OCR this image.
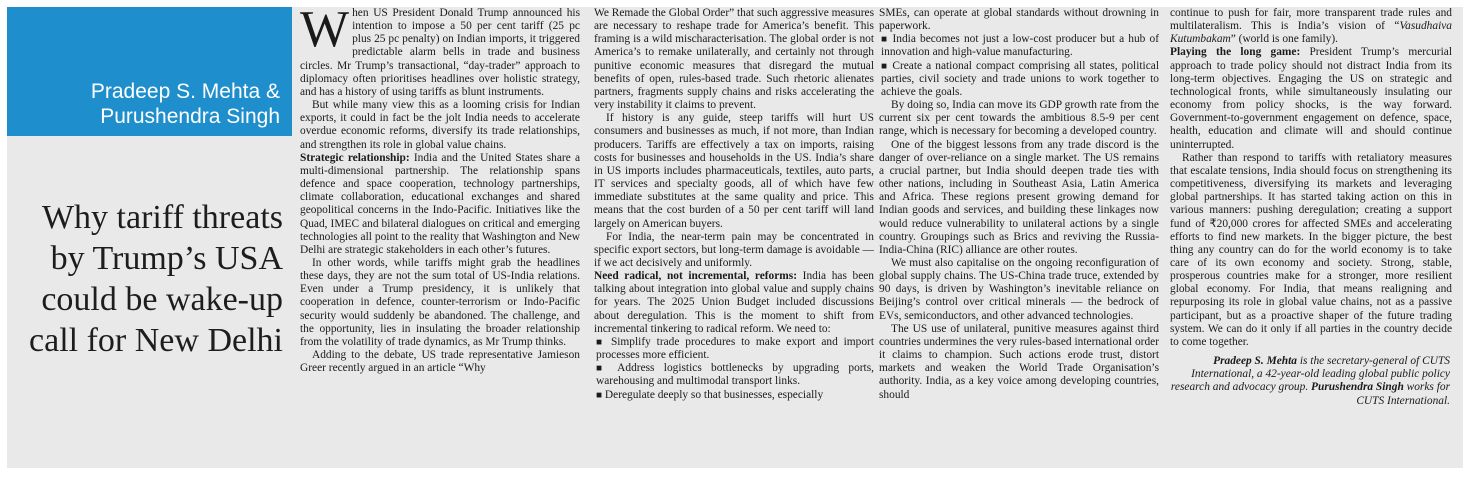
Pradeep S. Mehta &
Purushendra Singh
Why tariff threats by Trump’s USA could be wake-up call for New Delhi

When US President Donald Trump announced his intention to impose a 50 per cent tariff (25 pc plus 25 pc penalty) on Indian imports, it triggered predictable alarm bells in trade and business circles. Mr Trump’s transactional, “day-trader” approach to diplomacy often prioritises headlines over holistic strategy, and has a history of using tariffs as blunt instruments.

But while many view this as a looming crisis for Indian exports, it could in fact be the jolt India needs to accelerate overdue economic reforms, diversify its trade relationships, and strengthen its role in global value chains.

Strategic relationship: India and the United States share a multi-dimensional partnership. The relationship spans defence and space cooperation, technology partnerships, climate collaboration, educational exchanges and shared geopolitical concerns in the Indo-Pacific. Initiatives like the Quad, IMEC and bilateral dialogues on critical and emerging technologies all point to the reality that Washington and New Delhi are strategic stakeholders in each other’s futures.

In other words, while tariffs might grab the headlines these days, they are not the sum total of US-India relations. Even under a Trump presidency, it is unlikely that cooperation in defence, counter-terrorism or Indo-Pacific security would suddenly be abandoned. The challenge, and the opportunity, lies in insulating the broader relationship from the volatility of trade dynamics, as Mr Trump thinks.

Adding to the debate, US trade representative Jamieson Greer recently argued in an article “Why

We Remade the Global Order” that such aggressive measures are necessary to reshape trade for America’s benefit. This framing is a wild mischaracterisation. The global order is not America’s to remake unilaterally, and certainly not through punitive economic measures that disregard the mutual benefits of open, rules-based trade. Such rhetoric alienates partners, fragments supply chains and risks accelerating the very instability it claims to prevent.

If history is any guide, steep tariffs will hurt US consumers and businesses as much, if not more, than Indian producers. Tariffs are effectively a tax on imports, raising costs for businesses and households in the US. India’s share in US imports includes pharmaceuticals, textiles, auto parts, IT services and specialty goods, all of which have few immediate substitutes at the same quality and price. This means that the cost burden of a 50 per cent tariff will land largely on American buyers.

For India, the near-term pain may be concentrated in specific export sectors, but long-term damage is avoidable — if we act decisively and uniformly.

Need radical, not incremental, reforms: India has been talking about integration into global value and supply chains for years. The 2025 Union Budget included discussions about deregulation. This is the moment to shift from incremental tinkering to radical reform. We need to:

■ Simplify trade procedures to make export and import processes more efficient.

■ Address logistics bottlenecks by upgrading ports, warehousing and multimodal transport links.

■ Deregulate deeply so that businesses, especially

SMEs, can operate at global standards without drowning in paperwork.

■ India becomes not just a low-cost producer but a hub of innovation and high-value manufacturing.

■ Create a national compact comprising all states, political parties, civil society and trade unions to work together to achieve the goals.

By doing so, India can move its GDP growth rate from the current six per cent towards the ambitious 8.5-9 per cent range, which is necessary for becoming a developed country.

One of the biggest lessons from any trade discord is the danger of over-reliance on a single market. The US remains a crucial partner, but India should deepen trade ties with other nations, including in Southeast Asia, Latin America and Africa. These regions present growing demand for Indian goods and services, and building these linkages now would reduce vulnerability to unilateral actions by a single country. Groupings such as Brics and reviving the Russia-India-China (RIC) alliance are other routes.

We must also capitalise on the ongoing reconfiguration of global supply chains. The US-China trade truce, extended by 90 days, is driven by Washington’s inevitable reliance on Beijing’s control over critical minerals — the bedrock of EVs, semiconductors, and other advanced technologies.

The US use of unilateral, punitive measures against third countries undermines the very rules-based international order it claims to champion. Such actions erode trust, distort markets and weaken the World Trade Organisation’s authority. India, as a key voice among developing countries, should

continue to push for fair, more transparent trade rules and multilateralism. This is India’s vision of “Vasudhaiva Kutumbakam” (world is one family).

Playing the long game: President Trump’s mercurial approach to trade policy should not distract India from its long-term objectives. Engaging the US on strategic and technological fronts, while simultaneously insulating our economy from policy shocks, is the way forward. Government-to-government engagement on defence, space, health, education and climate will and should continue uninterrupted.

Rather than respond to tariffs with retaliatory measures that escalate tensions, India should focus on strengthening its competitiveness, diversifying its markets and leveraging global partnerships. It has started taking action on this in various manners: pushing deregulation; creating a support fund of ₹20,000 crores for affected SMEs and accelerating efforts to find new markets. In the bigger picture, the best thing any country can do for the world economy is to take care of its own economy and society. Strong, stable, prosperous countries make for a stronger, more resilient global economy. For India, that means realigning and repurposing its role in global value chains, not as a passive participant, but as a proactive shaper of the future trading system. We can do it only if all parties in the country decide to come together.

Pradeep S. Mehta is the secretary-general of CUTS International, a 42-year-old leading global public policy research and advocacy group. Purushendra Singh works for CUTS International.
